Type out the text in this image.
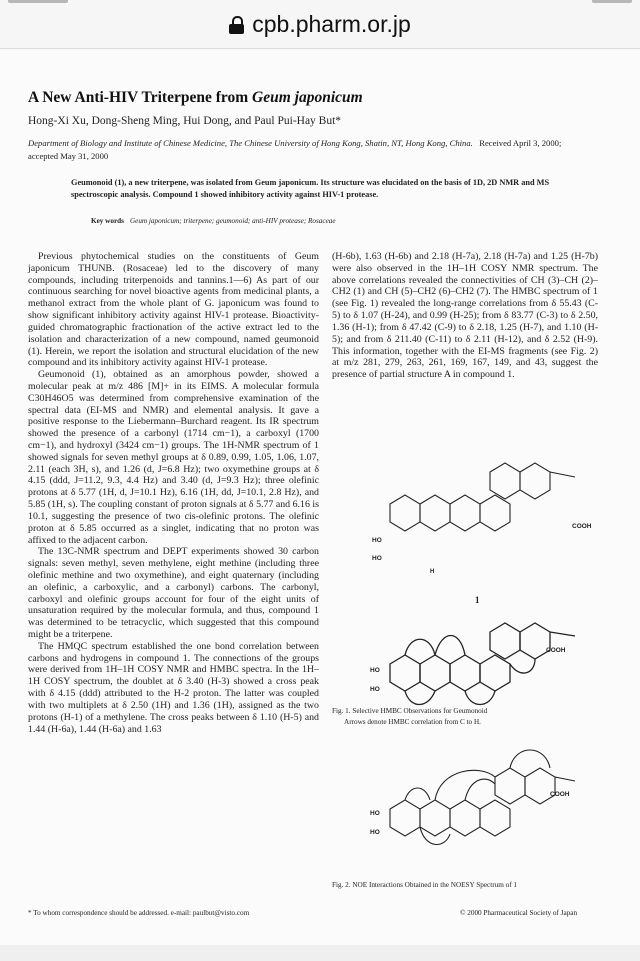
cpb.pharm.or.jp
A New Anti-HIV Triterpene from Geum japonicum
Hong-Xi Xu, Dong-Sheng Ming, Hui Dong, and Paul Pui-Hay But*
Department of Biology and Institute of Chinese Medicine, The Chinese University of Hong Kong, Shatin, NT, Hong Kong, China. Received April 3, 2000; accepted May 31, 2000
Geumonoid (1), a new triterpene, was isolated from Geum japonicum. Its structure was elucidated on the basis of 1D, 2D NMR and MS spectroscopic analysis. Compound 1 showed inhibitory activity against HIV-1 protease.
Key words Geum japonicum; triterpene; geumonoid; anti-HIV protease; Rosaceae

Previous phytochemical studies on the constituents of Geum japonicum THUNB. (Rosaceae) led to the discovery of many compounds, including triterpenoids and tannins.1—6) As part of our continuous searching for novel bioactive agents from medicinal plants, a methanol extract from the whole plant of G. japonicum was found to show significant inhibitory activity against HIV-1 protease. Bioactivity-guided chromatographic fractionation of the active extract led to the isolation and characterization of a new compound, named geumonoid (1). Herein, we report the isolation and structural elucidation of the new compound and its inhibitory activity against HIV-1 protease.

Geumonoid (1), obtained as an amorphous powder, showed a molecular peak at m/z 486 [M]+ in its EIMS. A molecular formula C30H46O5 was determined from comprehensive examination of the spectral data (EI-MS and NMR) and elemental analysis. It gave a positive response to the Liebermann–Burchard reagent. Its IR spectrum showed the presence of a carbonyl (1714 cm−1), a carboxyl (1700 cm−1), and hydroxyl (3424 cm−1) groups. The 1H-NMR spectrum of 1 showed signals for seven methyl groups at δ 0.89, 0.99, 1.05, 1.06, 1.07, 2.11 (each 3H, s), and 1.26 (d, J=6.8 Hz); two oxymethine groups at δ 4.15 (ddd, J=11.2, 9.3, 4.4 Hz) and 3.40 (d, J=9.3 Hz); three olefinic protons at δ 5.77 (1H, d, J=10.1 Hz), 6.16 (1H, dd, J=10.1, 2.8 Hz), and 5.85 (1H, s). The coupling constant of proton signals at δ 5.77 and 6.16 is 10.1, suggesting the presence of two cis-olefinic protons. The olefinic proton at δ 5.85 occurred as a singlet, indicating that no proton was affixed to the adjacent carbon.

The 13C-NMR spectrum and DEPT experiments showed 30 carbon signals: seven methyl, seven methylene, eight methine (including three olefinic methine and two oxymethine), and eight quaternary (including an olefinic, a carboxylic, and a carbonyl) carbons. The carbonyl, carboxyl and olefinic groups account for four of the eight units of unsaturation required by the molecular formula, and thus, compound 1 was determined to be tetracyclic, which suggested that this compound might be a triterpene.

The HMQC spectrum established the one bond correlation between carbons and hydrogens in compound 1. The connections of the groups were derived from 1H–1H COSY NMR and HMBC spectra. In the 1H–1H COSY spectrum, the doublet at δ 3.40 (H-3) showed a cross peak with δ 4.15 (ddd) attributed to the H-2 proton. The latter was coupled with two multiplets at δ 2.50 (1H) and 1.36 (1H), assigned as the two protons (H-1) of a methylene. The cross peaks between δ 1.10 (H-5) and 1.44 (H-6a), 1.44 (H-6a) and 1.63

(H-6b), 1.63 (H-6b) and 2.18 (H-7a), 2.18 (H-7a) and 1.25 (H-7b) were also observed in the 1H–1H COSY NMR spectrum. The above correlations revealed the connectivities of CH (3)–CH (2)–CH2 (1) and CH (5)–CH2 (6)–CH2 (7). The HMBC spectrum of 1 (see Fig. 1) revealed the long-range correlations from δ 55.43 (C-5) to δ 1.07 (H-24), and 0.99 (H-25); from δ 83.77 (C-3) to δ 2.50, 1.36 (H-1); from δ 47.42 (C-9) to δ 2.18, 1.25 (H-7), and 1.10 (H-5); and from δ 211.40 (C-11) to δ 2.11 (H-12), and δ 2.52 (H-9). This information, together with the EI-MS fragments (see Fig. 2) at m/z 281, 279, 263, 261, 169, 167, 149, and 43, suggest the presence of partial structure A in compound 1.

COOH
HO
HO
H
1
COOH
HO
HO
Fig. 1. Selective HMBC Observations for Geumonoid
Arrows denote HMBC correlation from C to H.
COOH
HO
HO
Fig. 2. NOE Interactions Obtained in the NOESY Spectrum of 1
* To whom correspondence should be addressed. e-mail: paulbut@visto.com	© 2000 Pharmaceutical Society of Japan
